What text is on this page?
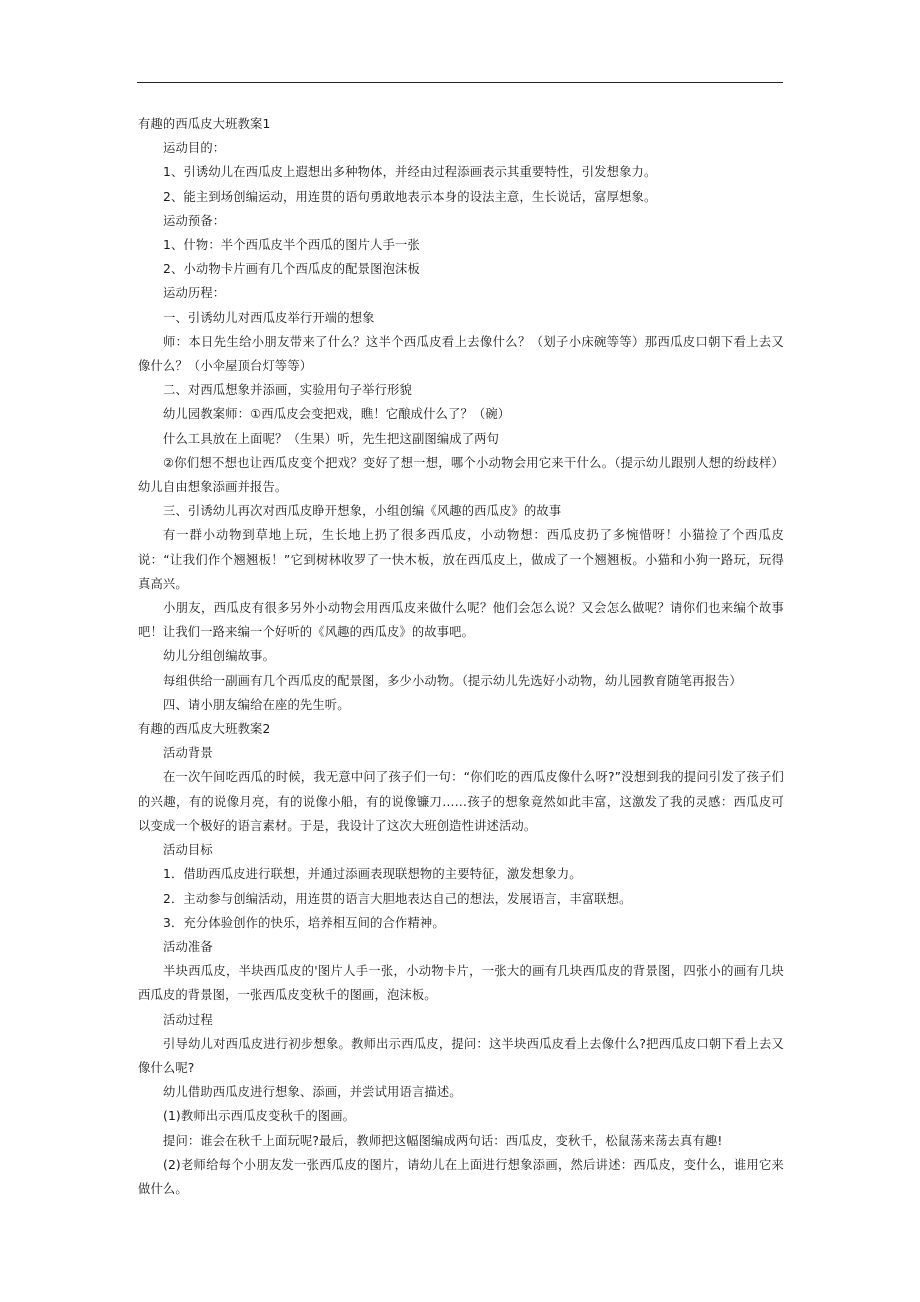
有趣的西瓜皮大班教案1
运动目的：
1、引诱幼儿在西瓜皮上遐想出多种物体，并经由过程添画表示其重要特性，引发想象力。
2、能主到场创编运动，用连贯的语句勇敢地表示本身的设法主意，生长说话，富厚想象。
运动预备：
1、什物：半个西瓜皮半个西瓜的图片人手一张
2、小动物卡片画有几个西瓜皮的配景图泡沫板
运动历程：
一、引诱幼儿对西瓜皮举行开端的想象
师：本日先生给小朋友带来了什么？这半个西瓜皮看上去像什么？（划子小床碗等等）那西瓜皮口朝下看上去又像什么？（小伞屋顶台灯等等）
二、对西瓜想象并添画，实验用句子举行形貌
幼儿园教案师：①西瓜皮会变把戏，瞧！它酿成什么了？（碗）
什么工具放在上面呢？（生果）听，先生把这副图编成了两句
②你们想不想也让西瓜皮变个把戏？变好了想一想，哪个小动物会用它来干什么。（提示幼儿跟别人想的纷歧样）幼儿自由想象添画并报告。
三、引诱幼儿再次对西瓜皮睁开想象，小组创编《风趣的西瓜皮》的故事
有一群小动物到草地上玩，生长地上扔了很多西瓜皮，小动物想：西瓜皮扔了多惋惜呀！小猫捡了个西瓜皮说：“让我们作个翘翘板！”它到树林收罗了一快木板，放在西瓜皮上，做成了一个翘翘板。小猫和小狗一路玩，玩得真高兴。
小朋友，西瓜皮有很多另外小动物会用西瓜皮来做什么呢？他们会怎么说？又会怎么做呢？请你们也来编个故事吧！让我们一路来编一个好听的《风趣的西瓜皮》的故事吧。
幼儿分组创编故事。
每组供给一副画有几个西瓜皮的配景图，多少小动物。（提示幼儿先选好小动物，幼儿园教育随笔再报告）
四、请小朋友编给在座的先生听。
有趣的西瓜皮大班教案2
活动背景
在一次午间吃西瓜的时候，我无意中问了孩子们一句：“你们吃的西瓜皮像什么呀?”没想到我的提问引发了孩子们的兴趣，有的说像月亮，有的说像小船，有的说像镰刀……孩子的想象竟然如此丰富，这激发了我的灵感：西瓜皮可以变成一个极好的语言素材。于是，我设计了这次大班创造性讲述活动。
活动目标
1．借助西瓜皮进行联想，并通过添画表现联想物的主要特征，激发想象力。
2．主动参与创编活动，用连贯的语言大胆地表达自己的想法，发展语言，丰富联想。
3．充分体验创作的快乐，培养相互间的合作精神。
活动准备
半块西瓜皮，半块西瓜皮的'图片人手一张，小动物卡片，一张大的画有几块西瓜皮的背景图，四张小的画有几块西瓜皮的背景图，一张西瓜皮变秋千的图画，泡沫板。
活动过程
引导幼儿对西瓜皮进行初步想象。教师出示西瓜皮，提问：这半块西瓜皮看上去像什么?把西瓜皮口朝下看上去又像什么呢?
幼儿借助西瓜皮进行想象、添画，并尝试用语言描述。
(1)教师出示西瓜皮变秋千的图画。
提问：谁会在秋千上面玩呢?最后，教师把这幅图编成两句话：西瓜皮，变秋千，松鼠荡来荡去真有趣!
(2)老师给每个小朋友发一张西瓜皮的图片，请幼儿在上面进行想象添画，然后讲述：西瓜皮，变什么，谁用它来做什么。
